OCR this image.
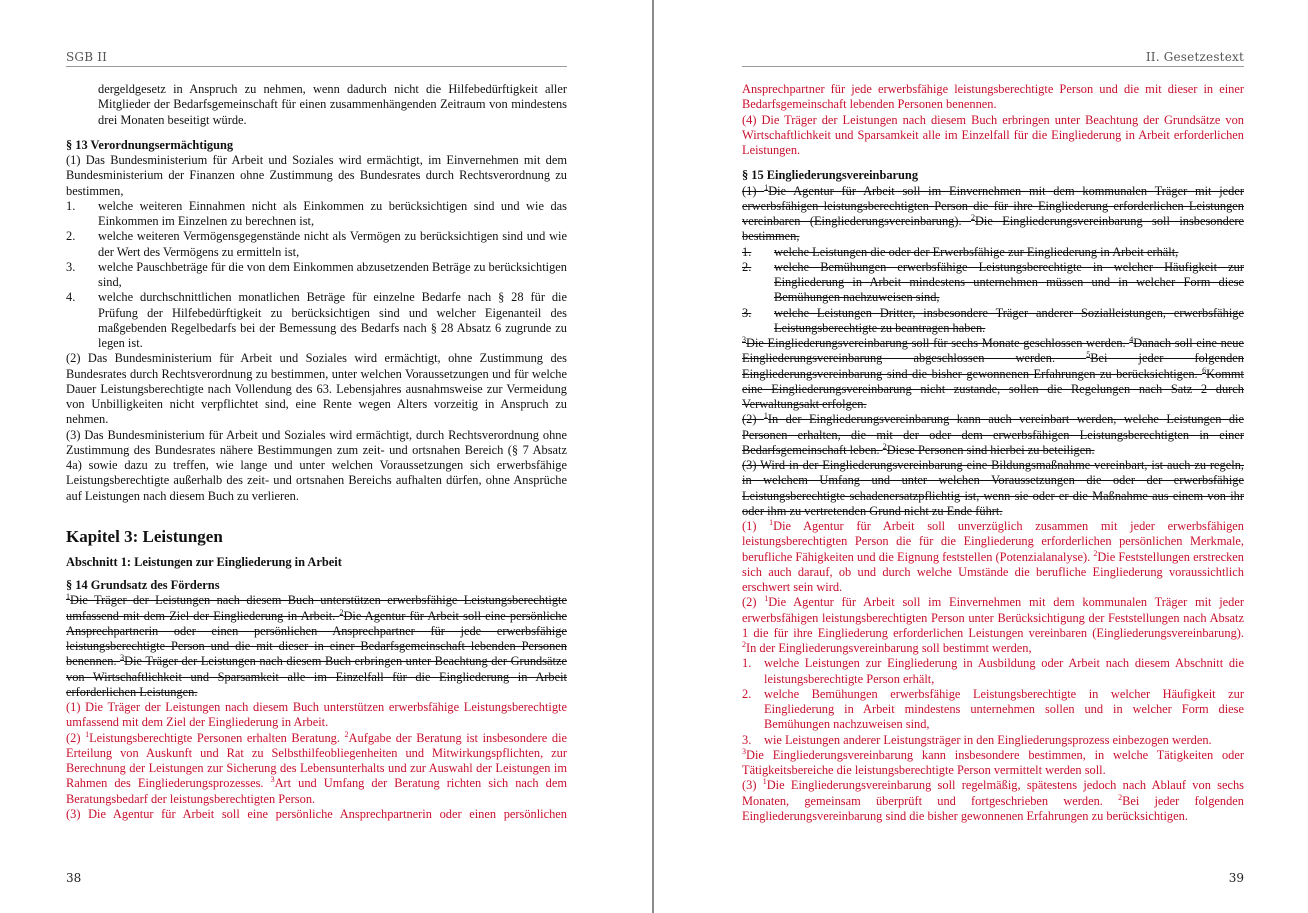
SGB II

dergeldgesetz in Anspruch zu nehmen, wenn dadurch nicht die Hilfebedürftigkeit aller Mitglieder der Bedarfsgemeinschaft für einen zusammenhängenden Zeitraum von mindestens drei Monaten beseitigt würde.

§ 13 Verordnungsermächtigung

(1) Das Bundesministerium für Arbeit und Soziales wird ermächtigt, im Einvernehmen mit dem Bundesministerium der Finanzen ohne Zustimmung des Bundesrates durch Rechtsverordnung zu bestimmen,

1.	welche weiteren Einnahmen nicht als Einkommen zu berücksichtigen sind und wie das Einkommen im Einzelnen zu berechnen ist,
2.	welche weiteren Vermögensgegenstände nicht als Vermögen zu berücksichtigen sind und wie der Wert des Vermögens zu ermitteln ist,
3.	welche Pauschbeträge für die von dem Einkommen abzusetzenden Beträge zu berücksichtigen sind,
4.	welche durchschnittlichen monatlichen Beträge für einzelne Bedarfe nach § 28 für die Prüfung der Hilfebedürftigkeit zu berücksichtigen sind und welcher Eigenanteil des maßgebenden Regelbedarfs bei der Bemessung des Bedarfs nach § 28 Absatz 6 zugrunde zu legen ist.

(2) Das Bundesministerium für Arbeit und Soziales wird ermächtigt, ohne Zustimmung des Bundesrates durch Rechtsverordnung zu bestimmen, unter welchen Voraussetzungen und für welche Dauer Leistungsberechtigte nach Vollendung des 63. Lebensjahres ausnahmsweise zur Vermeidung von Unbilligkeiten nicht verpflichtet sind, eine Rente wegen Alters vorzeitig in Anspruch zu nehmen.

(3) Das Bundesministerium für Arbeit und Soziales wird ermächtigt, durch Rechtsverordnung ohne Zustimmung des Bundesrates nähere Bestimmungen zum zeit- und ortsnahen Bereich (§ 7 Absatz 4a) sowie dazu zu treffen, wie lange und unter welchen Voraussetzungen sich erwerbsfähige Leistungsberechtigte außerhalb des zeit- und ortsnahen Bereichs aufhalten dürfen, ohne Ansprüche auf Leistungen nach diesem Buch zu verlieren.

Kapitel 3: Leistungen

Abschnitt 1: Leistungen zur Eingliederung in Arbeit

§ 14 Grundsatz des Förderns

$^1$Die Träger der Leistungen nach diesem Buch unterstützen erwerbsfähige Leistungsberechtigte umfassend mit dem Ziel der Eingliederung in Arbeit. $^2$Die Agentur für Arbeit soll eine persönliche Ansprechpartnerin oder einen persönlichen Ansprechpartner für jede erwerbsfähige leistungsberechtigte Person und die mit dieser in einer Bedarfsgemeinschaft lebenden Personen benennen. $^3$Die Träger der Leistungen nach diesem Buch erbringen unter Beachtung der Grundsätze von Wirtschaftlichkeit und Sparsamkeit alle im Einzelfall für die Eingliederung in Arbeit erforderlichen Leistungen.

(1) Die Träger der Leistungen nach diesem Buch unterstützen erwerbsfähige Leistungsberechtigte umfassend mit dem Ziel der Eingliederung in Arbeit.

(2) $^1$Leistungsberechtigte Personen erhalten Beratung. $^2$Aufgabe der Beratung ist insbesondere die Erteilung von Auskunft und Rat zu Selbsthilfeobliegenheiten und Mitwirkungspflichten, zur Berechnung der Leistungen zur Sicherung des Lebensunterhalts und zur Auswahl der Leistungen im Rahmen des Eingliederungsprozesses. $^3$Art und Umfang der Beratung richten sich nach dem Beratungsbedarf der leistungsberechtigten Person.

(3) Die Agentur für Arbeit soll eine persönliche Ansprechpartnerin oder einen persönlichen

38
II. Gesetzestext

Ansprechpartner für jede erwerbsfähige leistungsberechtigte Person und die mit dieser in einer Bedarfsgemeinschaft lebenden Personen benennen.

(4) Die Träger der Leistungen nach diesem Buch erbringen unter Beachtung der Grundsätze von Wirtschaftlichkeit und Sparsamkeit alle im Einzelfall für die Eingliederung in Arbeit erforderlichen Leistungen.

§ 15 Eingliederungsvereinbarung

(1) $^1$Die Agentur für Arbeit soll im Einvernehmen mit dem kommunalen Träger mit jeder erwerbsfähigen leistungsberechtigten Person die für ihre Eingliederung erforderlichen Leistungen vereinbaren (Eingliederungsvereinbarung). $^2$Die Eingliederungsvereinbarung soll insbesondere bestimmen,

1.	welche Leistungen die oder der Erwerbsfähige zur Eingliederung in Arbeit erhält,
2.	welche Bemühungen erwerbsfähige Leistungsberechtigte in welcher Häufigkeit zur Eingliederung in Arbeit mindestens unternehmen müssen und in welcher Form diese Bemühungen nachzuweisen sind,
3.	welche Leistungen Dritter, insbesondere Träger anderer Sozialleistungen, erwerbsfähige Leistungsberechtigte zu beantragen haben.

$^3$Die Eingliederungsvereinbarung soll für sechs Monate geschlossen werden. $^4$Danach soll eine neue Eingliederungsvereinbarung abgeschlossen werden. $^5$Bei jeder folgenden Eingliederungsvereinbarung sind die bisher gewonnenen Erfahrungen zu berücksichtigen. $^6$Kommt eine Eingliederungsvereinbarung nicht zustande, sollen die Regelungen nach Satz 2 durch Verwaltungsakt erfolgen.

(2) $^1$In der Eingliederungsvereinbarung kann auch vereinbart werden, welche Leistungen die Personen erhalten, die mit der oder dem erwerbsfähigen Leistungsberechtigten in einer Bedarfsgemeinschaft leben. $^2$Diese Personen sind hierbei zu beteiligen.

(3) Wird in der Eingliederungsvereinbarung eine Bildungsmaßnahme vereinbart, ist auch zu regeln, in welchem Umfang und unter welchen Voraussetzungen die oder der erwerbsfähige Leistungsberechtigte schadenersatzpflichtig ist, wenn sie oder er die Maßnahme aus einem von ihr oder ihm zu vertretenden Grund nicht zu Ende führt.

(1) $^1$Die Agentur für Arbeit soll unverzüglich zusammen mit jeder erwerbsfähigen leistungsberechtigten Person die für die Eingliederung erforderlichen persönlichen Merkmale, berufliche Fähigkeiten und die Eignung feststellen (Potenzialanalyse). $^2$Die Feststellungen erstrecken sich auch darauf, ob und durch welche Umstände die berufliche Eingliederung voraussichtlich erschwert sein wird.

(2) $^1$Die Agentur für Arbeit soll im Einvernehmen mit dem kommunalen Träger mit jeder erwerbsfähigen leistungsberechtigten Person unter Berücksichtigung der Feststellungen nach Absatz 1 die für ihre Eingliederung erforderlichen Leistungen vereinbaren (Eingliederungsvereinbarung). $^2$In der Eingliederungsvereinbarung soll bestimmt werden,

1.	welche Leistungen zur Eingliederung in Ausbildung oder Arbeit nach diesem Abschnitt die leistungsberechtigte Person erhält,
2.	welche Bemühungen erwerbsfähige Leistungsberechtigte in welcher Häufigkeit zur Eingliederung in Arbeit mindestens unternehmen sollen und in welcher Form diese Bemühungen nachzuweisen sind,
3.	wie Leistungen anderer Leistungsträger in den Eingliederungsprozess einbezogen werden.

$^3$Die Eingliederungsvereinbarung kann insbesondere bestimmen, in welche Tätigkeiten oder Tätigkeitsbereiche die leistungsberechtigte Person vermittelt werden soll.

(3) $^1$Die Eingliederungsvereinbarung soll regelmäßig, spätestens jedoch nach Ablauf von sechs Monaten, gemeinsam überprüft und fortgeschrieben werden. $^2$Bei jeder folgenden Eingliederungsvereinbarung sind die bisher gewonnenen Erfahrungen zu berücksichtigen.

39
